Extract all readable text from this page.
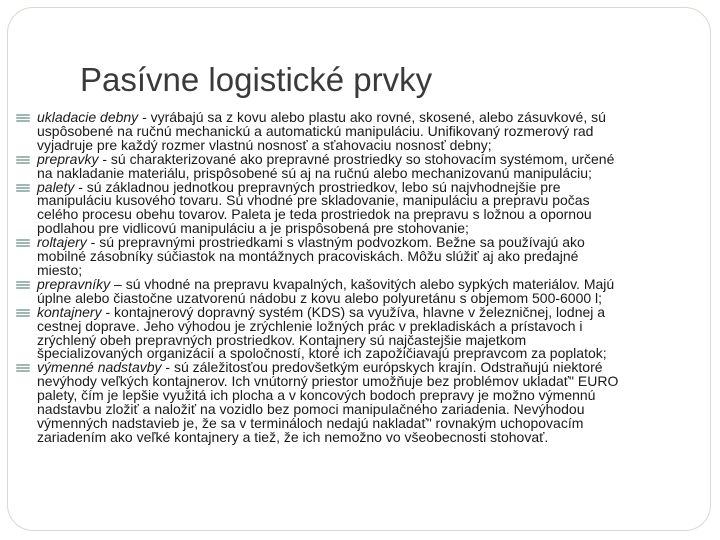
Pasívne logistické prvky
ukladacie debny - vyrábajú sa z kovu alebo plastu ako rovné, skosené, alebo zásuvkové, sú
uspôsobené na ručnú mechanickú a automatickú manipuláciu. Unifikovaný rozmerový rad
vyjadruje pre každý rozmer vlastnú nosnosť a sťahovaciu nosnosť debny;
prepravky - sú charakterizované ako prepravné prostriedky so stohovacím systémom, určené
na nakladanie materiálu, prispôsobené sú aj na ručnú alebo mechanizovanú manipuláciu;
palety - sú základnou jednotkou prepravných prostriedkov, lebo sú najvhodnejšie pre
manipuláciu kusového tovaru. Sú vhodné pre skladovanie, manipuláciu a prepravu počas
celého procesu obehu tovarov. Paleta je teda prostriedok na prepravu s ložnou a opornou
podlahou pre vidlicovú manipuláciu a je prispôsobená pre stohovanie;
roltajery - sú prepravnými prostriedkami s vlastným podvozkom. Bežne sa používajú ako
mobilné zásobníky súčiastok na montážnych pracoviskách. Môžu slúžiť aj ako predajné
miesto;
prepravníky – sú vhodné na prepravu kvapalných, kašovitých alebo sypkých materiálov. Majú
úplne alebo čiastočne uzatvorenú nádobu z kovu alebo polyuretánu s objemom 500-6000 l;
kontajnery - kontajnerový dopravný systém (KDS) sa využíva, hlavne v železničnej, lodnej a
cestnej doprave. Jeho výhodou je zrýchlenie ložných prác v prekladiskách a prístavoch i
zrýchlený obeh prepravných prostriedkov. Kontajnery sú najčastejšie majetkom
špecializovaných organizácií a spoločností, ktoré ich zapožičiavajú prepravcom za poplatok;
výmenné nadstavby - sú záležitosťou predovšetkým európskych krajín. Odstraňujú niektoré
nevýhody veľkých kontajnerov. Ich vnútorný priestor umožňuje bez problémov ukladať" EURO
palety, čím je lepšie využitá ich plocha a v koncových bodoch prepravy je možno výmennú
nadstavbu zložiť a naložiť na vozidlo bez pomoci manipulačného zariadenia. Nevýhodou
výmenných nadstavieb je, že sa v termináloch nedajú nakladať" rovnakým uchopovacím
zariadením ako veľké kontajnery a tiež, že ich nemožno vo všeobecnosti stohovať.
